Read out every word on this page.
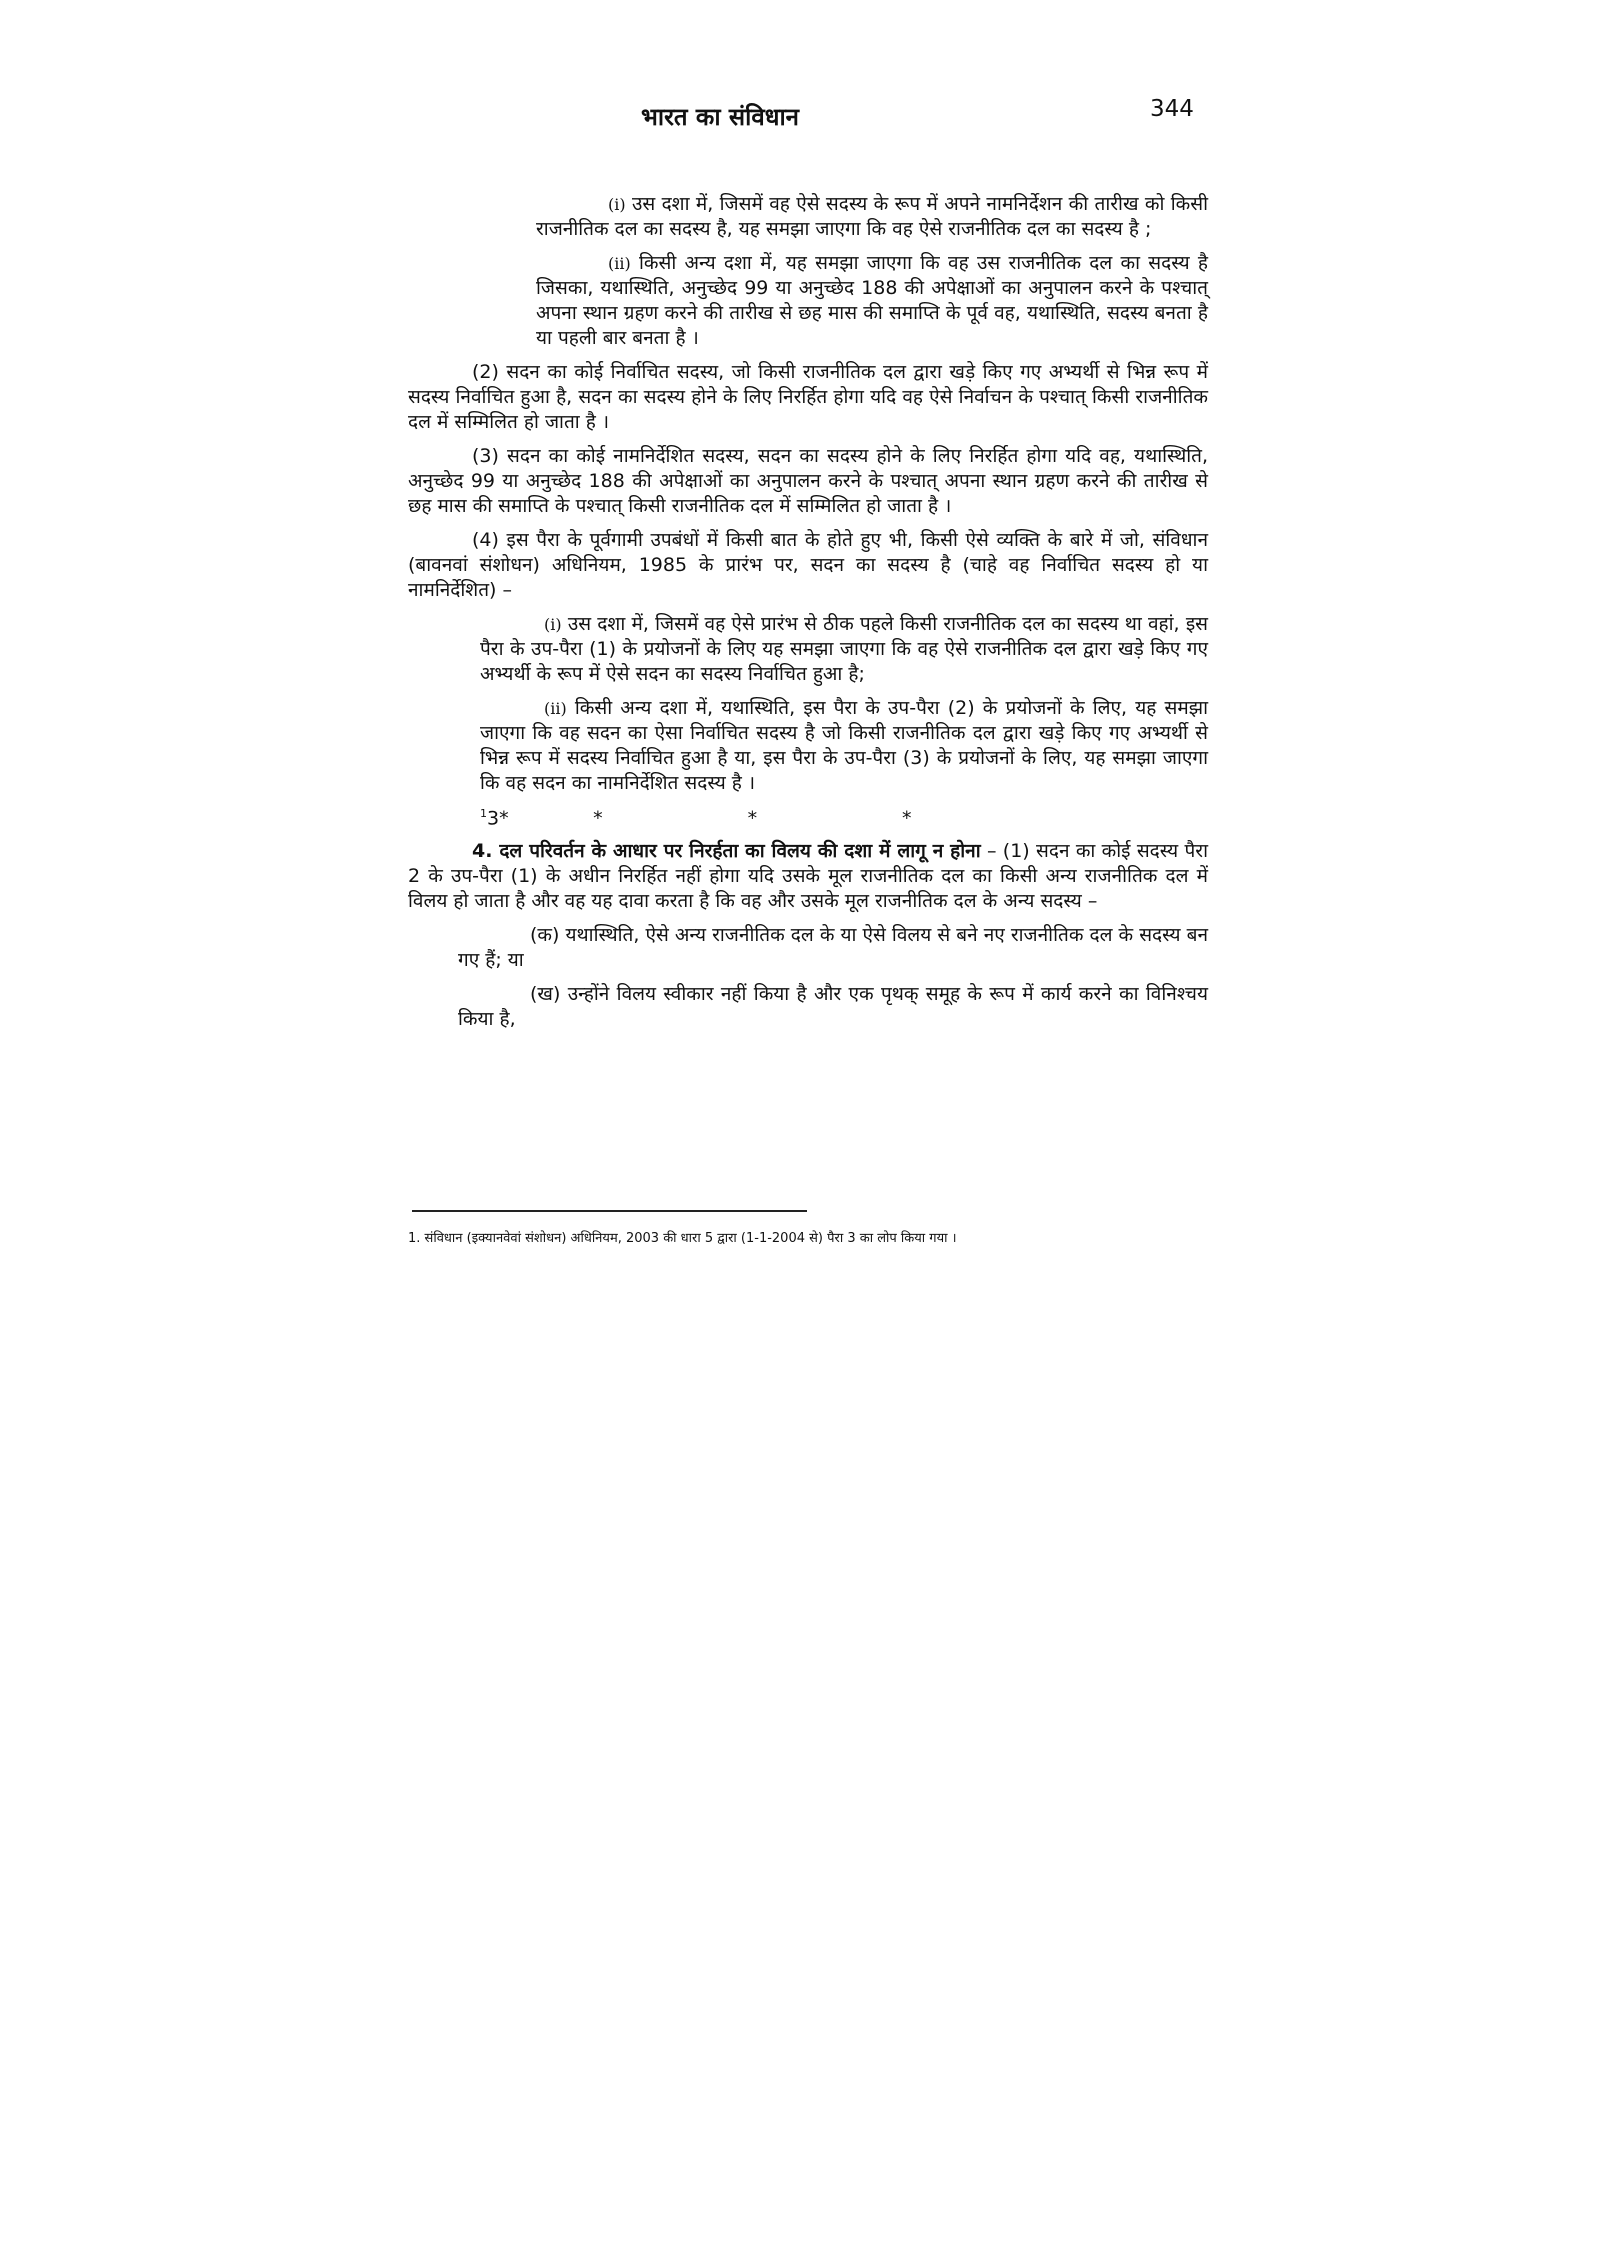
भारत का संविधान	344

(i) उस दशा में, जिसमें वह ऐसे सदस्य के रूप में अपने नामनिर्देशन की तारीख को किसी राजनीतिक दल का सदस्य है, यह समझा जाएगा कि वह ऐसे राजनीतिक दल का सदस्य है ;

(ii) किसी अन्य दशा में, यह समझा जाएगा कि वह उस राजनीतिक दल का सदस्य है जिसका, यथास्थिति, अनुच्छेद 99 या अनुच्छेद 188 की अपेक्षाओं का अनुपालन करने के पश्चात् अपना स्थान ग्रहण करने की तारीख से छह मास की समाप्ति के पूर्व वह, यथास्थिति, सदस्य बनता है या पहली बार बनता है ।

(2) सदन का कोई निर्वाचित सदस्य, जो किसी राजनीतिक दल द्वारा खड़े किए गए अभ्यर्थी से भिन्न रूप में सदस्य निर्वाचित हुआ है, सदन का सदस्य होने के लिए निरर्हित होगा यदि वह ऐसे निर्वाचन के पश्चात् किसी राजनीतिक दल में सम्मिलित हो जाता है ।

(3) सदन का कोई नामनिर्देशित सदस्य, सदन का सदस्य होने के लिए निरर्हित होगा यदि वह, यथास्थिति, अनुच्छेद 99 या अनुच्छेद 188 की अपेक्षाओं का अनुपालन करने के पश्चात् अपना स्थान ग्रहण करने की तारीख से छह मास की समाप्ति के पश्चात् किसी राजनीतिक दल में सम्मिलित हो जाता है ।

(4) इस पैरा के पूर्वगामी उपबंधों में किसी बात के होते हुए भी, किसी ऐसे व्यक्ति के बारे में जो, संविधान (बावनवां संशोधन) अधिनियम, 1985 के प्रारंभ पर, सदन का सदस्य है (चाहे वह निर्वाचित सदस्य हो या नामनिर्देशित) –

(i) उस दशा में, जिसमें वह ऐसे प्रारंभ से ठीक पहले किसी राजनीतिक दल का सदस्य था वहां, इस पैरा के उप-पैरा (1) के प्रयोजनों के लिए यह समझा जाएगा कि वह ऐसे राजनीतिक दल द्वारा खड़े किए गए अभ्यर्थी के रूप में ऐसे सदन का सदस्य निर्वाचित हुआ है;

(ii) किसी अन्य दशा में, यथास्थिति, इस पैरा के उप-पैरा (2) के प्रयोजनों के लिए, यह समझा जाएगा कि वह सदन का ऐसा निर्वाचित सदस्य है जो किसी राजनीतिक दल द्वारा खड़े किए गए अभ्यर्थी से भिन्न रूप में सदस्य निर्वाचित हुआ है या, इस पैरा के उप-पैरा (3) के प्रयोजनों के लिए, यह समझा जाएगा कि वह सदन का नामनिर्देशित सदस्य है ।

$^1$3*              *                        *                        *

4. दल परिवर्तन के आधार पर निरर्हता का विलय की दशा में लागू न होना – (1) सदन का कोई सदस्य पैरा 2 के उप-पैरा (1) के अधीन निरर्हित नहीं होगा यदि उसके मूल राजनीतिक दल का किसी अन्य राजनीतिक दल में विलय हो जाता है और वह यह दावा करता है कि वह और उसके मूल राजनीतिक दल के अन्य सदस्य –

(क) यथास्थिति, ऐसे अन्य राजनीतिक दल के या ऐसे विलय से बने नए राजनीतिक दल के सदस्य बन गए हैं; या

(ख) उन्होंने विलय स्वीकार नहीं किया है और एक पृथक् समूह के रूप में कार्य करने का विनिश्चय किया है,

1. संविधान (इक्यानवेवां संशोधन) अधिनियम, 2003 की धारा 5 द्वारा (1-1-2004 से) पैरा 3 का लोप किया गया ।
